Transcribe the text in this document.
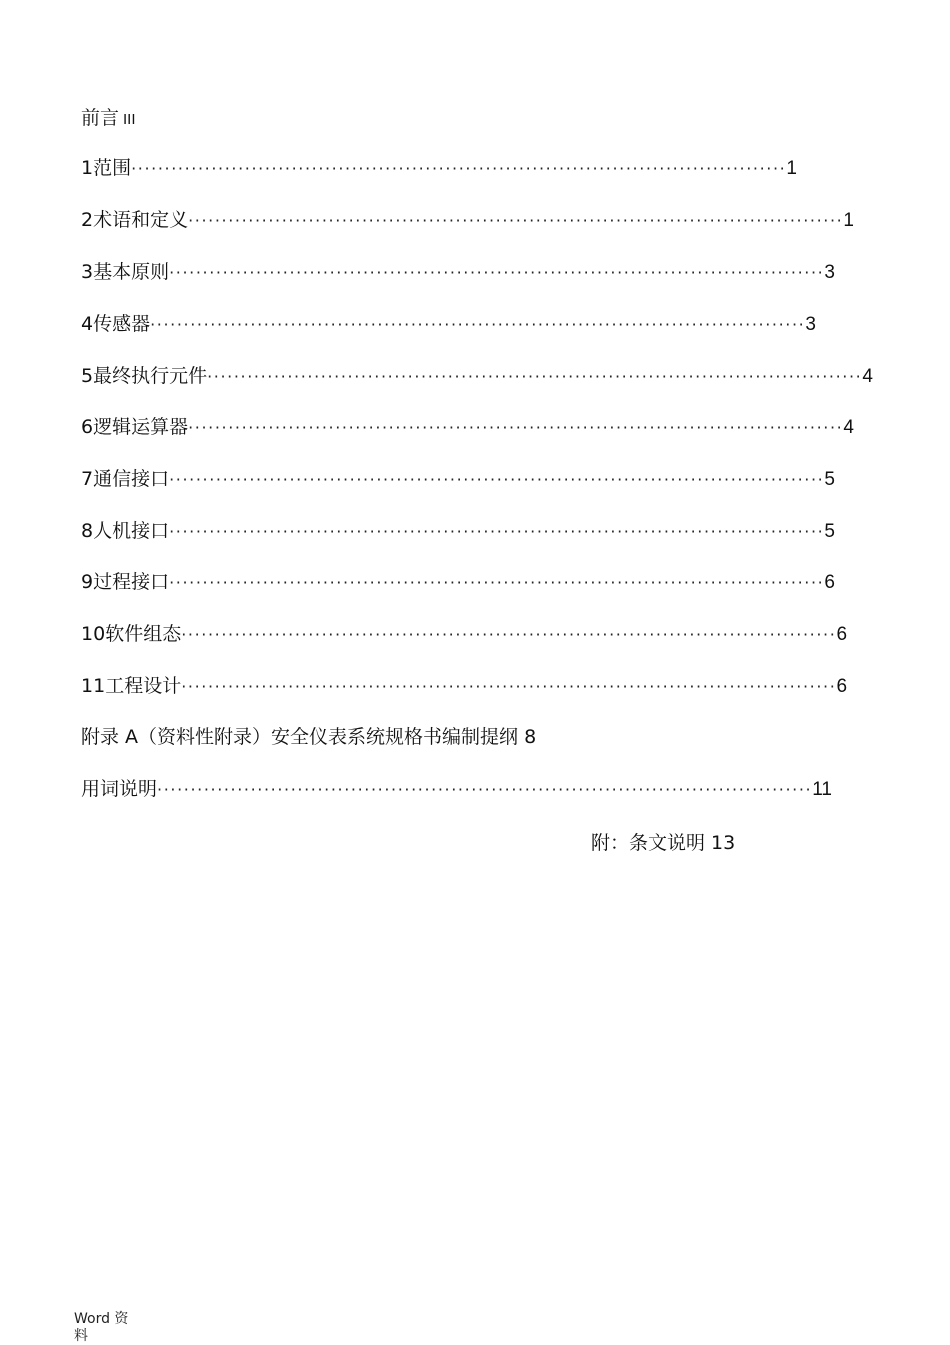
前言 III
1 范围 ·································································································· 1
2 术语和定义 ·································································································· 1
3 基本原则 ·································································································· 3
4 传感器 ·································································································· 3
5 最终执行元件 ·································································································· 4
6 逻辑运算器 ·································································································· 4
7 通信接口 ·································································································· 5
8 人机接口 ·································································································· 5
9 过程接口 ·································································································· 6
10 软件组态 ·································································································· 6
11 工程设计 ·································································································· 6
附录 A（资料性附录）安全仪表系统规格书编制提纲 8
用词说明 ·································································································· 11
附：条文说明 13
Word 资
料
